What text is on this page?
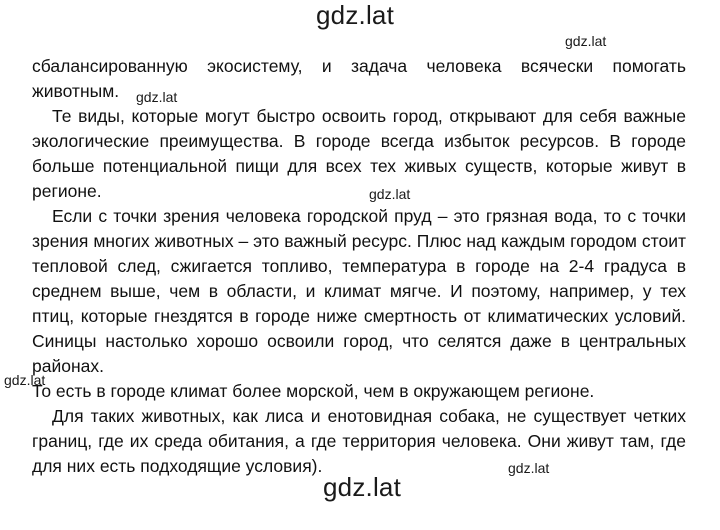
gdz.lat
gdz.lat

сбалансированную экосистему, и задача человека всячески помогать животным.

Те виды, которые могут быстро освоить город, открывают для себя важные экологические преимущества. В городе всегда избыток ресурсов. В городе больше потенциальной пищи для всех тех живых существ, которые живут в регионе.

Если с точки зрения человека городской пруд – это грязная вода, то с точки зрения многих животных – это важный ресурс. Плюс над каждым городом стоит тепловой след, сжигается топливо, температура в городе на 2-4 градуса в среднем выше, чем в области, и климат мягче. И поэтому, например, у тех птиц, которые гнездятся в городе ниже смертность от климатических условий. Синицы настолько хорошо освоили город, что селятся даже в центральных районах.

То есть в городе климат более морской, чем в окружающем регионе.

Для таких животных, как лиса и енотовидная собака, не существует четких границ, где их среда обитания, а где территория человека. Они живут там, где для них есть подходящие условия).

gdz.lat
gdz.lat
gdz.lat
gdz.lat
gdz.lat
